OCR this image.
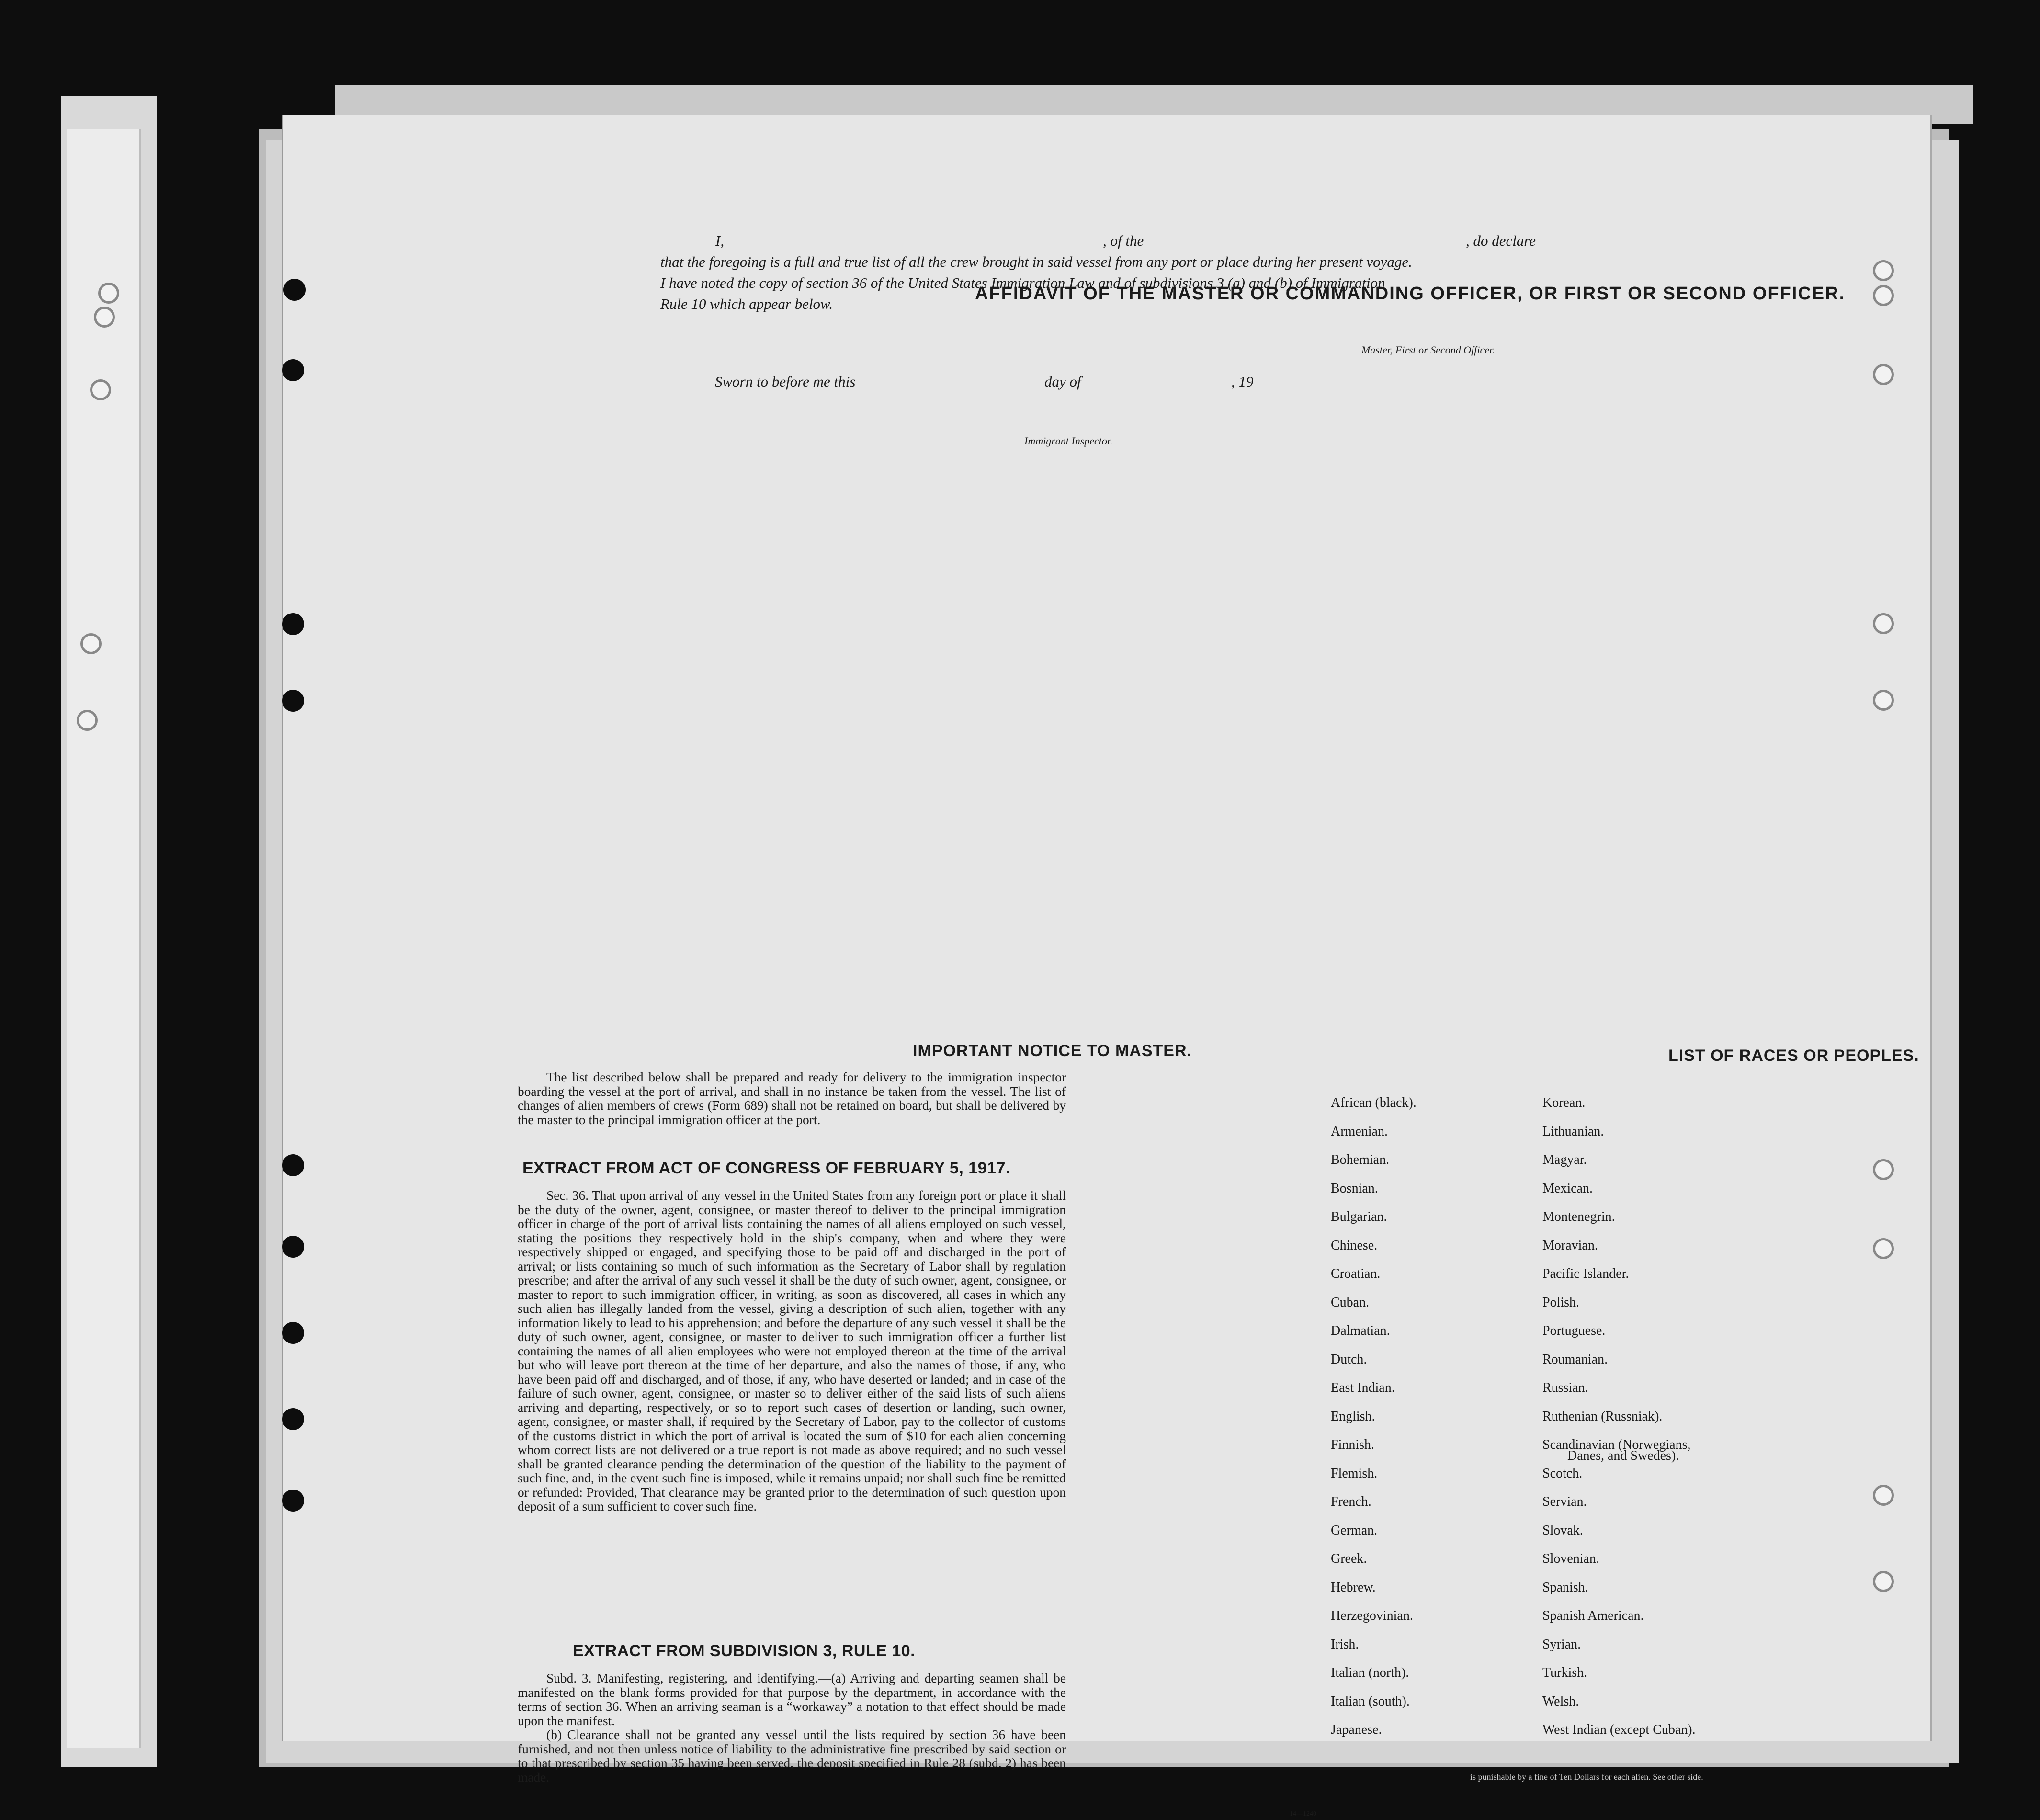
AFFIDAVIT OF THE MASTER OR COMMANDING OFFICER, OR FIRST OR SECOND OFFICER.
I,	, of the	, do declare
that the foregoing is a full and true list of all the crew brought in said vessel from any port or place during her present voyage.
I have noted the copy of section 36 of the United States Immigration Law and of subdivisions 3 (a) and (b) of Immigration
Rule 10 which appear below.
Master, First or Second Officer.
Sworn to before me this	day of	, 19
Immigrant Inspector.
IMPORTANT NOTICE TO MASTER.

The list described below shall be prepared and ready for delivery to the immigration inspector boarding the vessel at the port of arrival, and shall in no instance be taken from the vessel. The list of changes of alien members of crews (Form 689) shall not be retained on board, but shall be delivered by the master to the principal immigration officer at the port.

EXTRACT FROM ACT OF CONGRESS OF FEBRUARY 5, 1917.

Sec. 36. That upon arrival of any vessel in the United States from any foreign port or place it shall be the duty of the owner, agent, consignee, or master thereof to deliver to the principal immigration officer in charge of the port of arrival lists containing the names of all aliens employed on such vessel, stating the positions they respectively hold in the ship's company, when and where they were respectively shipped or engaged, and specifying those to be paid off and discharged in the port of arrival; or lists containing so much of such information as the Secretary of Labor shall by regulation prescribe; and after the arrival of any such vessel it shall be the duty of such owner, agent, consignee, or master to report to such immigration officer, in writing, as soon as discovered, all cases in which any such alien has illegally landed from the vessel, giving a description of such alien, together with any information likely to lead to his apprehension; and before the departure of any such vessel it shall be the duty of such owner, agent, consignee, or master to deliver to such immigration officer a further list containing the names of all alien employees who were not employed thereon at the time of the arrival but who will leave port thereon at the time of her departure, and also the names of those, if any, who have been paid off and discharged, and of those, if any, who have deserted or landed; and in case of the failure of such owner, agent, consignee, or master so to deliver either of the said lists of such aliens arriving and departing, respectively, or so to report such cases of desertion or landing, such owner, agent, consignee, or master shall, if required by the Secretary of Labor, pay to the collector of customs of the customs district in which the port of arrival is located the sum of $10 for each alien concerning whom correct lists are not delivered or a true report is not made as above required; and no such vessel shall be granted clearance pending the determination of the question of the liability to the payment of such fine, and, in the event such fine is imposed, while it remains unpaid; nor shall such fine be remitted or refunded: Provided, That clearance may be granted prior to the determination of such question upon deposit of a sum sufficient to cover such fine.

EXTRACT FROM SUBDIVISION 3, RULE 10.

Subd. 3. Manifesting, registering, and identifying.—(a) Arriving and departing seamen shall be manifested on the blank forms provided for that purpose by the department, in accordance with the terms of section 36. When an arriving seaman is a “workaway” a notation to that effect should be made upon the manifest.

(b) Clearance shall not be granted any vessel until the lists required by section 36 have been furnished, and not then unless notice of liability to the administrative fine prescribed by said section or to that prescribed by section 35 having been served, the deposit specified in Rule 28 (subd. 2) has been made.

14—1240
LIST OF RACES OR PEOPLES.
African (black).
Armenian.
Bohemian.
Bosnian.
Bulgarian.
Chinese.
Croatian.
Cuban.
Dalmatian.
Dutch.
East Indian.
English.
Finnish.
Flemish.
French.
German.
Greek.
Hebrew.
Herzegovinian.
Irish.
Italian (north).
Italian (south).
Japanese.
Korean.
Lithuanian.
Magyar.
Mexican.
Montenegrin.
Moravian.
Pacific Islander.
Polish.
Portuguese.
Roumanian.
Russian.
Ruthenian (Russniak).
Scandinavian (Norwegians,
Scotch.
Servian.
Slovak.
Slovenian.
Spanish.
Spanish American.
Syrian.
Turkish.
Welsh.
West Indian (except Cuban).
Danes, and Swedes).
is punishable by a fine of Ten Dollars for each alien. See other side.
